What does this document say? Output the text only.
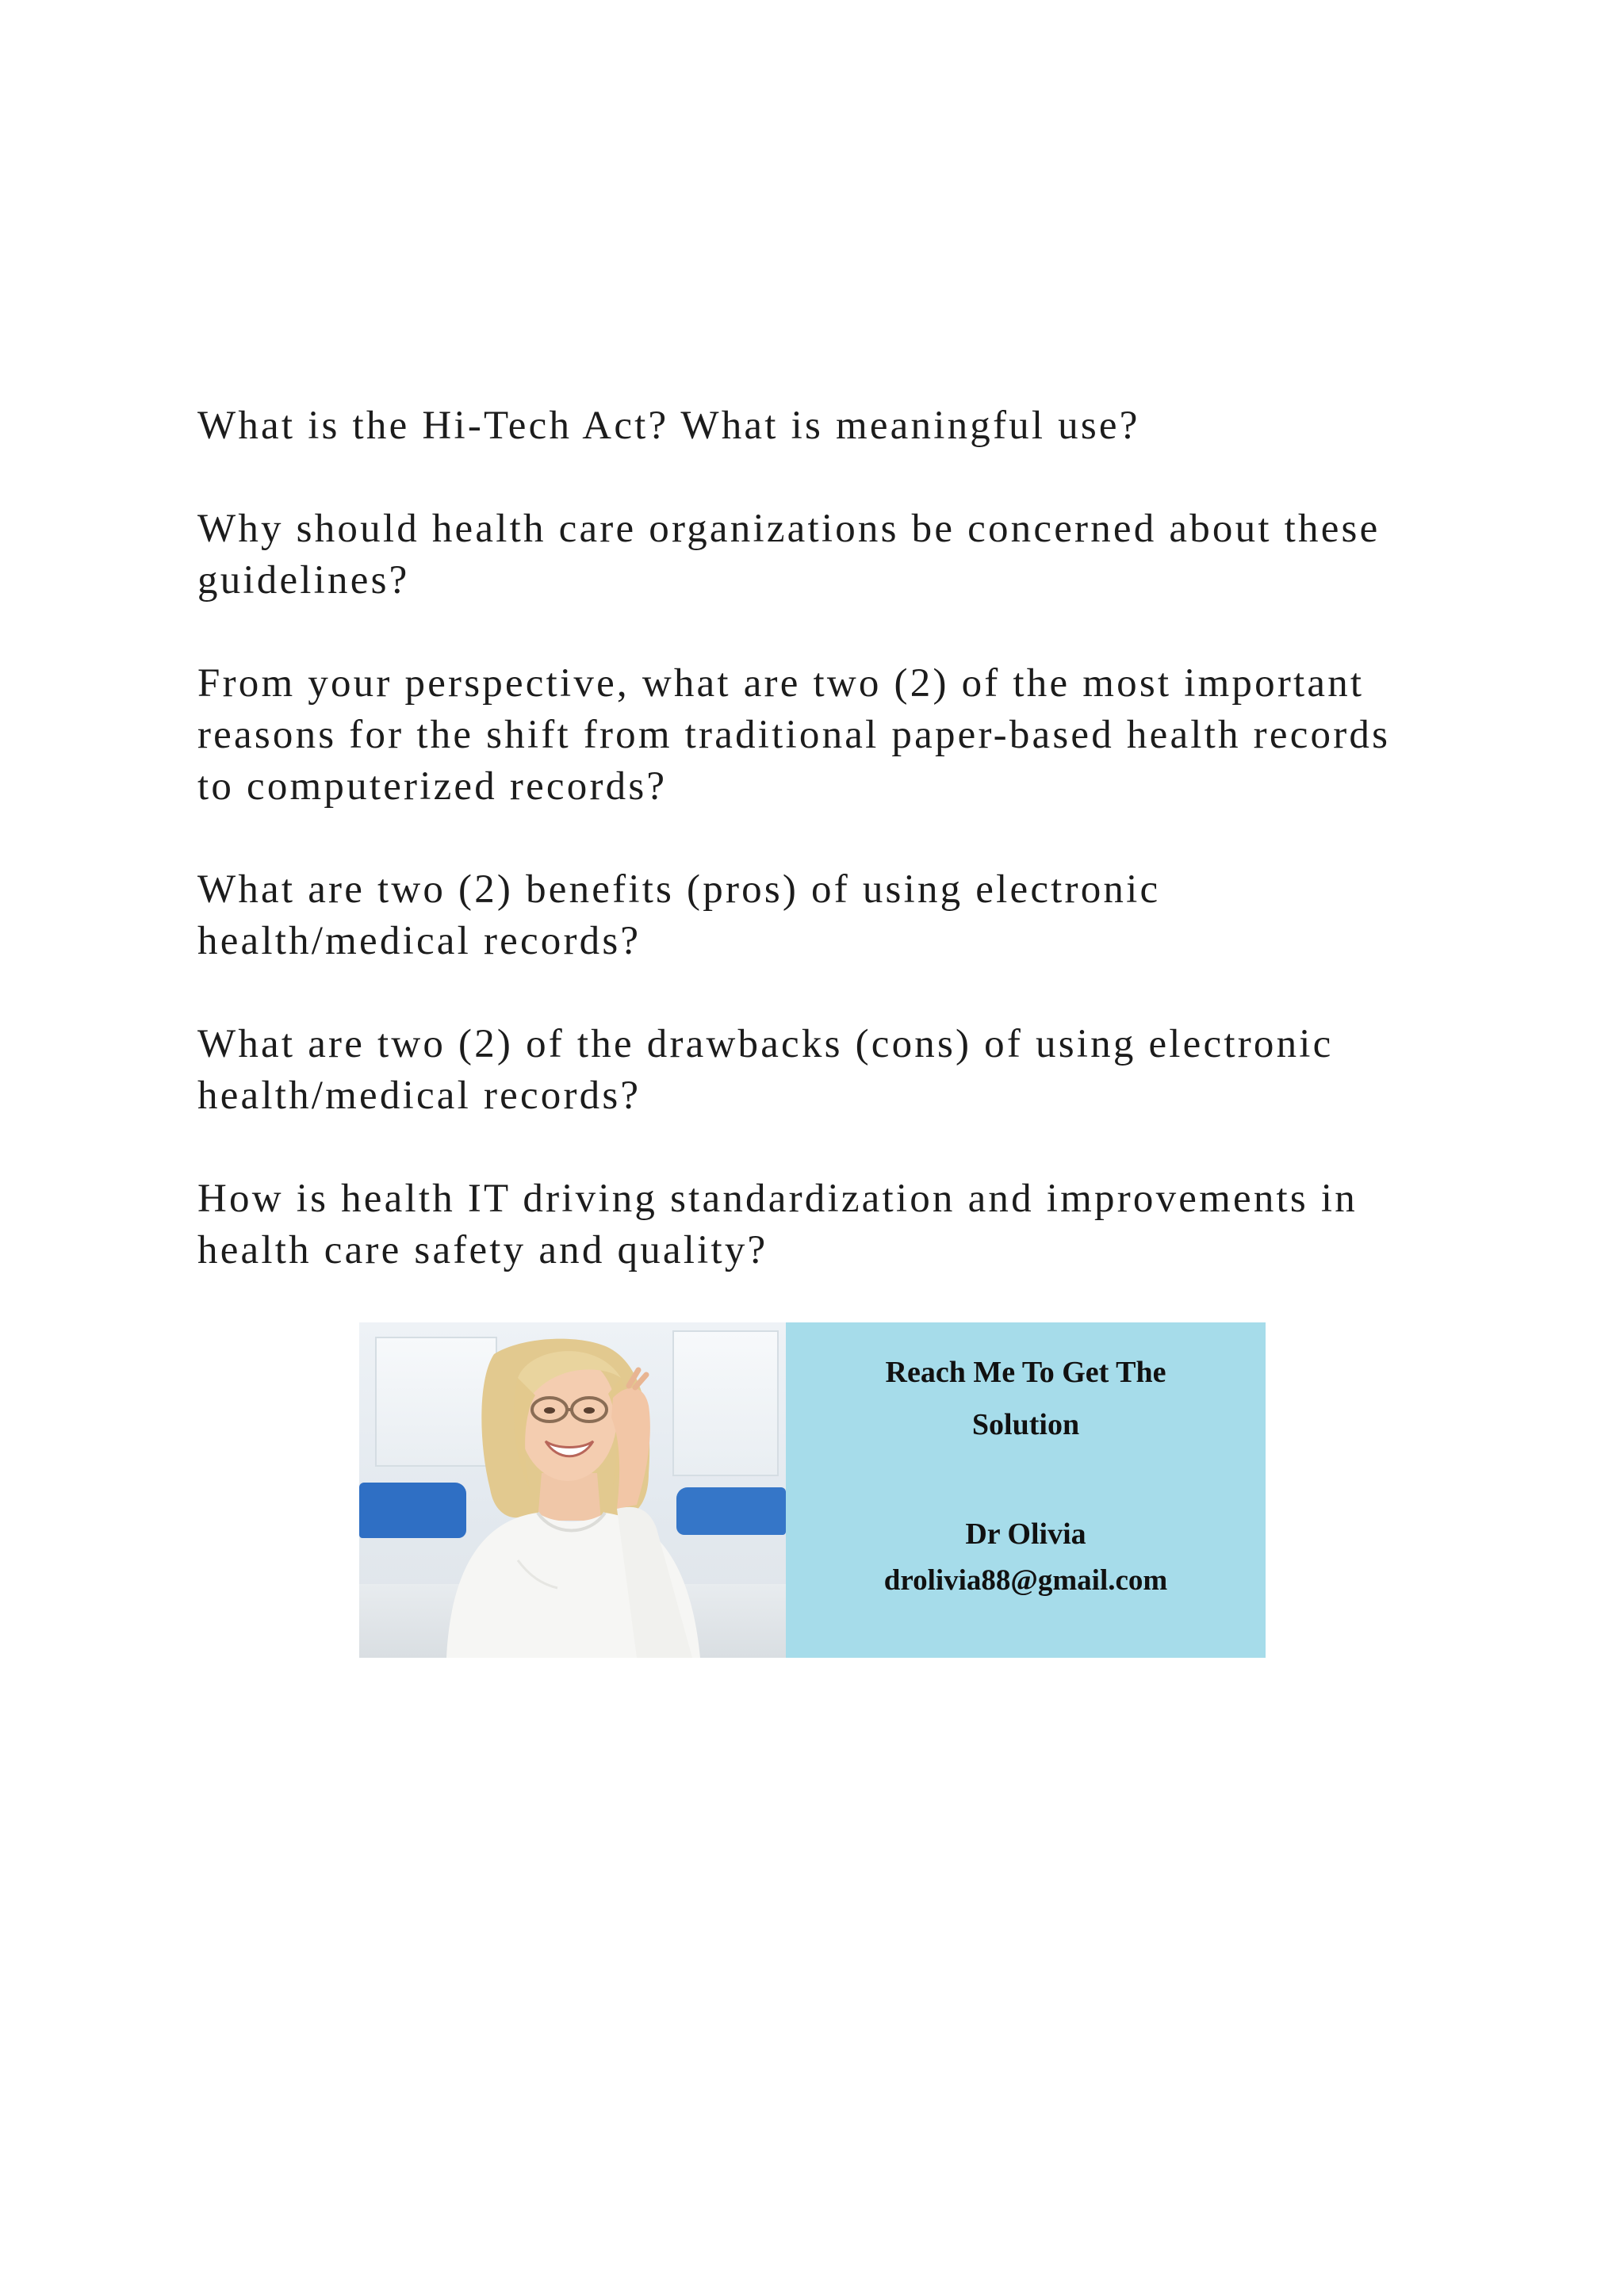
What is the Hi-Tech Act? What is meaningful use?

Why should health care organizations be concerned about these
guidelines?

From your perspective, what are two (2) of the most important
reasons for the shift from traditional paper-based health records
to computerized records?

What are two (2) benefits (pros) of using electronic
health/medical records?

What are two (2) of the drawbacks (cons) of using electronic
health/medical records?

How is health IT driving standardization and improvements in
health care safety and quality?

Reach Me To Get The
Solution
Dr Olivia
drolivia88@gmail.com
